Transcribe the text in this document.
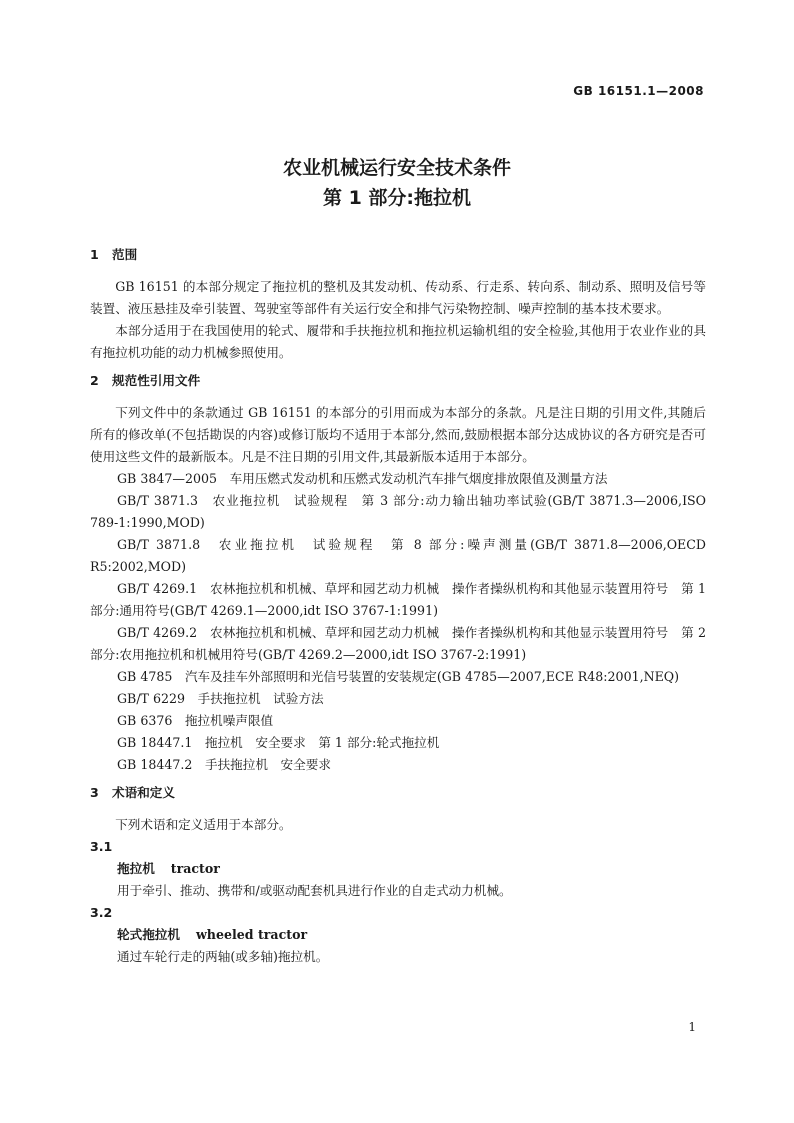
GB 16151.1—2008
农业机械运行安全技术条件
第 1 部分:拖拉机
1 范围

GB 16151 的本部分规定了拖拉机的整机及其发动机、传动系、行走系、转向系、制动系、照明及信号等装置、液压悬挂及牵引装置、驾驶室等部件有关运行安全和排气污染物控制、噪声控制的基本技术要求。

本部分适用于在我国使用的轮式、履带和手扶拖拉机和拖拉机运输机组的安全检验,其他用于农业作业的具有拖拉机功能的动力机械参照使用。

2 规范性引用文件

下列文件中的条款通过 GB 16151 的本部分的引用而成为本部分的条款。凡是注日期的引用文件,其随后所有的修改单(不包括勘误的内容)或修订版均不适用于本部分,然而,鼓励根据本部分达成协议的各方研究是否可使用这些文件的最新版本。凡是不注日期的引用文件,其最新版本适用于本部分。

GB 3847—2005　车用压燃式发动机和压燃式发动机汽车排气烟度排放限值及测量方法

GB/T 3871.3　农业拖拉机　试验规程　第 3 部分:动力输出轴功率试验(GB/T 3871.3—2006,ISO 789-1:1990,MOD)

GB/T 3871.8　农业拖拉机　试验规程　第 8 部分:噪声测量(GB/T 3871.8—2006,OECD R5:2002,MOD)

GB/T 4269.1　农林拖拉机和机械、草坪和园艺动力机械　操作者操纵机构和其他显示装置用符号　第 1 部分:通用符号(GB/T 4269.1—2000,idt ISO 3767-1:1991)

GB/T 4269.2　农林拖拉机和机械、草坪和园艺动力机械　操作者操纵机构和其他显示装置用符号　第 2 部分:农用拖拉机和机械用符号(GB/T 4269.2—2000,idt ISO 3767-2:1991)

GB 4785　汽车及挂车外部照明和光信号装置的安装规定(GB 4785—2007,ECE R48:2001,NEQ)

GB/T 6229　手扶拖拉机　试验方法

GB 6376　拖拉机噪声限值

GB 18447.1　拖拉机　安全要求　第 1 部分:轮式拖拉机

GB 18447.2　手扶拖拉机　安全要求

3 术语和定义

下列术语和定义适用于本部分。

3.1

拖拉机 tractor

用于牵引、推动、携带和/或驱动配套机具进行作业的自走式动力机械。

3.2

轮式拖拉机 wheeled tractor

通过车轮行走的两轴(或多轴)拖拉机。

1
